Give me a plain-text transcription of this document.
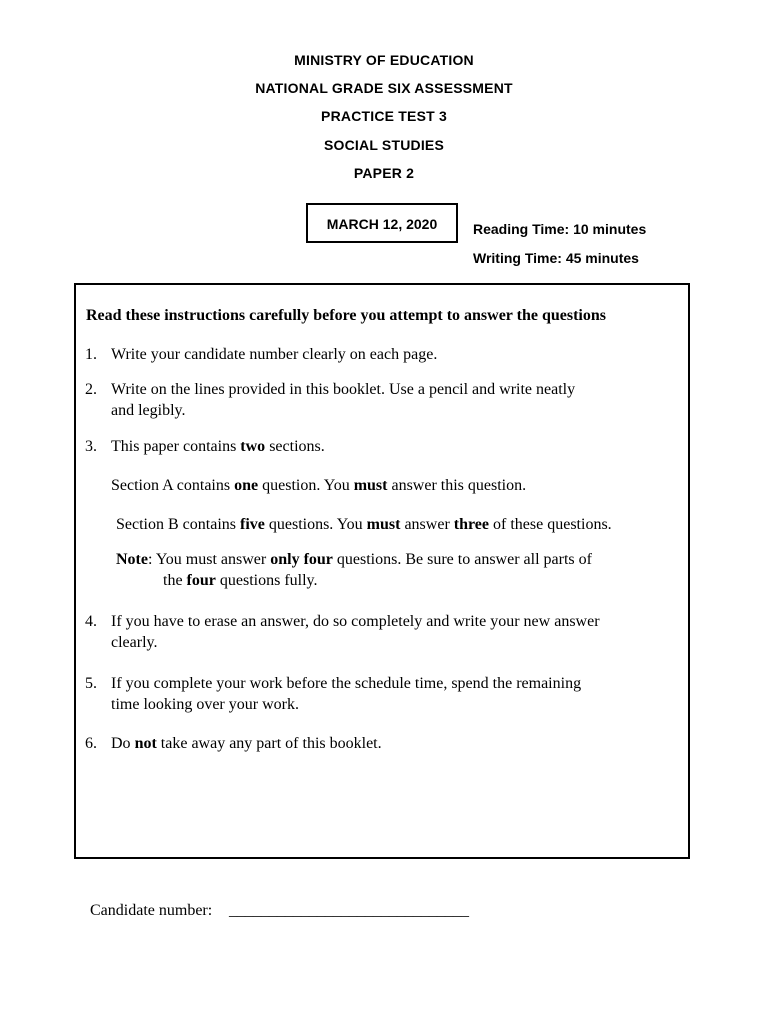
MINISTRY OF EDUCATION
NATIONAL GRADE SIX ASSESSMENT
PRACTICE TEST 3
SOCIAL STUDIES
PAPER 2
MARCH 12, 2020	Reading Time: 10 minutes
Writing Time: 45 minutes
Read these instructions carefully before you attempt to answer the questions
1. Write your candidate number clearly on each page.
2. Write on the lines provided in this booklet. Use a pencil and write neatly
and legibly.
3. This paper contains two sections.
Section A contains one question. You must answer this question.
Section B contains five questions. You must answer three of these questions.
Note: You must answer only four questions. Be sure to answer all parts of
the four questions fully.
4. If you have to erase an answer, do so completely and write your new answer
clearly.
5. If you complete your work before the schedule time, spend the remaining
time looking over your work.
6. Do not take away any part of this booklet.
Candidate number: ______________________________
